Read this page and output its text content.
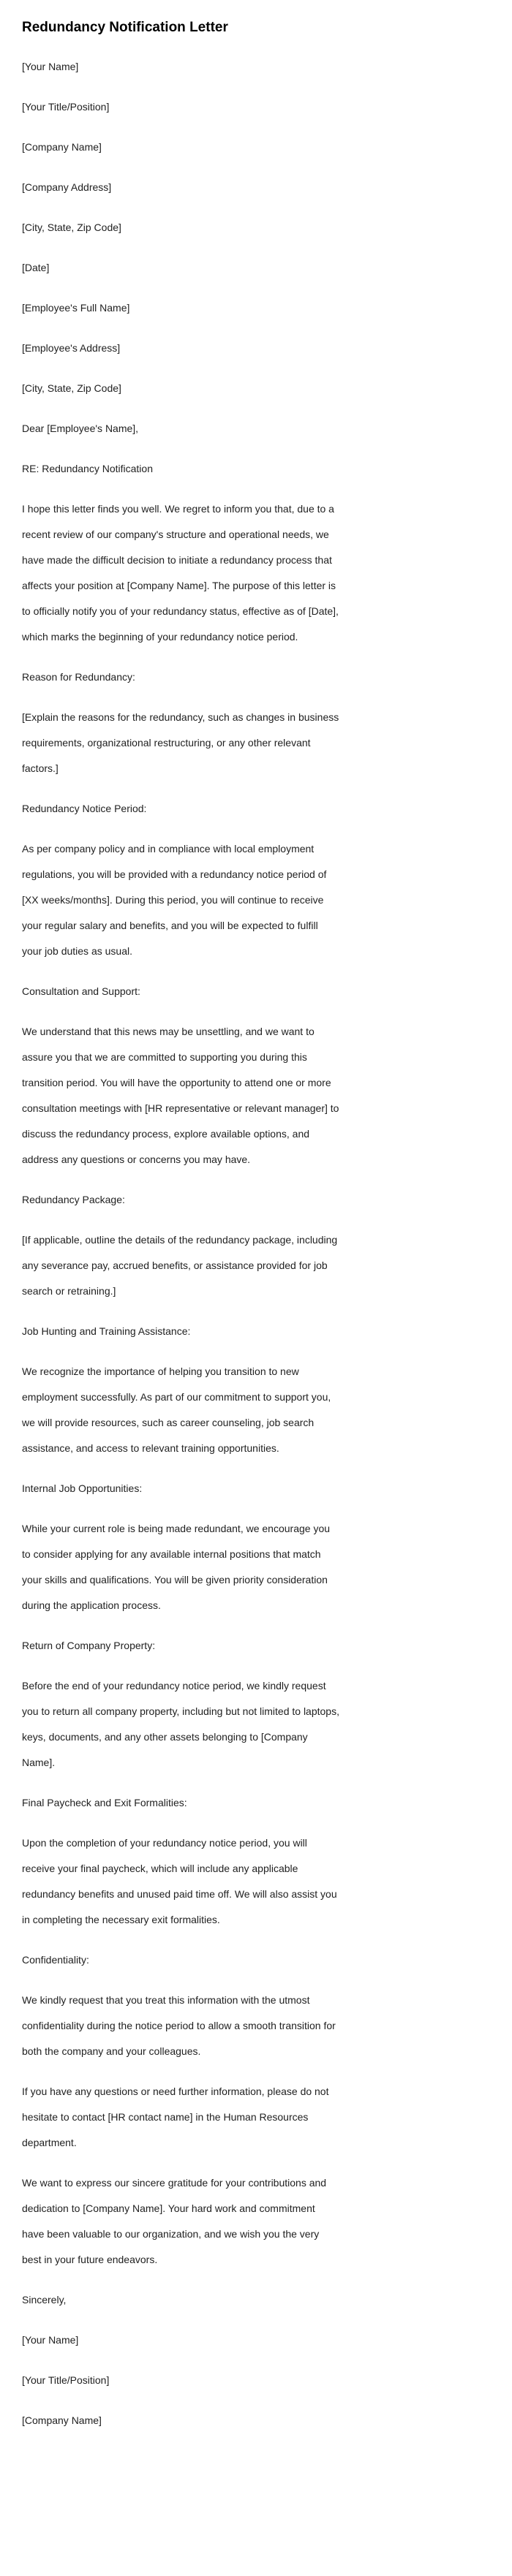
Redundancy Notification Letter

[Your Name]

[Your Title/Position]

[Company Name]

[Company Address]

[City, State, Zip Code]

[Date]

[Employee's Full Name]

[Employee's Address]

[City, State, Zip Code]

Dear [Employee's Name],

RE: Redundancy Notification

I hope this letter finds you well. We regret to inform you that, due to a recent review of our company's structure and operational needs, we have made the difficult decision to initiate a redundancy process that affects your position at [Company Name]. The purpose of this letter is to officially notify you of your redundancy status, effective as of [Date], which marks the beginning of your redundancy notice period.

Reason for Redundancy:

[Explain the reasons for the redundancy, such as changes in business requirements, organizational restructuring, or any other relevant factors.]

Redundancy Notice Period:

As per company policy and in compliance with local employment regulations, you will be provided with a redundancy notice period of [XX weeks/months]. During this period, you will continue to receive your regular salary and benefits, and you will be expected to fulfill your job duties as usual.

Consultation and Support:

We understand that this news may be unsettling, and we want to assure you that we are committed to supporting you during this transition period. You will have the opportunity to attend one or more consultation meetings with [HR representative or relevant manager] to discuss the redundancy process, explore available options, and address any questions or concerns you may have.

Redundancy Package:

[If applicable, outline the details of the redundancy package, including any severance pay, accrued benefits, or assistance provided for job search or retraining.]

Job Hunting and Training Assistance:

We recognize the importance of helping you transition to new employment successfully. As part of our commitment to support you, we will provide resources, such as career counseling, job search assistance, and access to relevant training opportunities.

Internal Job Opportunities:

While your current role is being made redundant, we encourage you to consider applying for any available internal positions that match your skills and qualifications. You will be given priority consideration during the application process.

Return of Company Property:

Before the end of your redundancy notice period, we kindly request you to return all company property, including but not limited to laptops, keys, documents, and any other assets belonging to [Company Name].

Final Paycheck and Exit Formalities:

Upon the completion of your redundancy notice period, you will receive your final paycheck, which will include any applicable redundancy benefits and unused paid time off. We will also assist you in completing the necessary exit formalities.

Confidentiality:

We kindly request that you treat this information with the utmost confidentiality during the notice period to allow a smooth transition for both the company and your colleagues.

If you have any questions or need further information, please do not hesitate to contact [HR contact name] in the Human Resources department.

We want to express our sincere gratitude for your contributions and dedication to [Company Name]. Your hard work and commitment have been valuable to our organization, and we wish you the very best in your future endeavors.

Sincerely,

[Your Name]

[Your Title/Position]

[Company Name]
